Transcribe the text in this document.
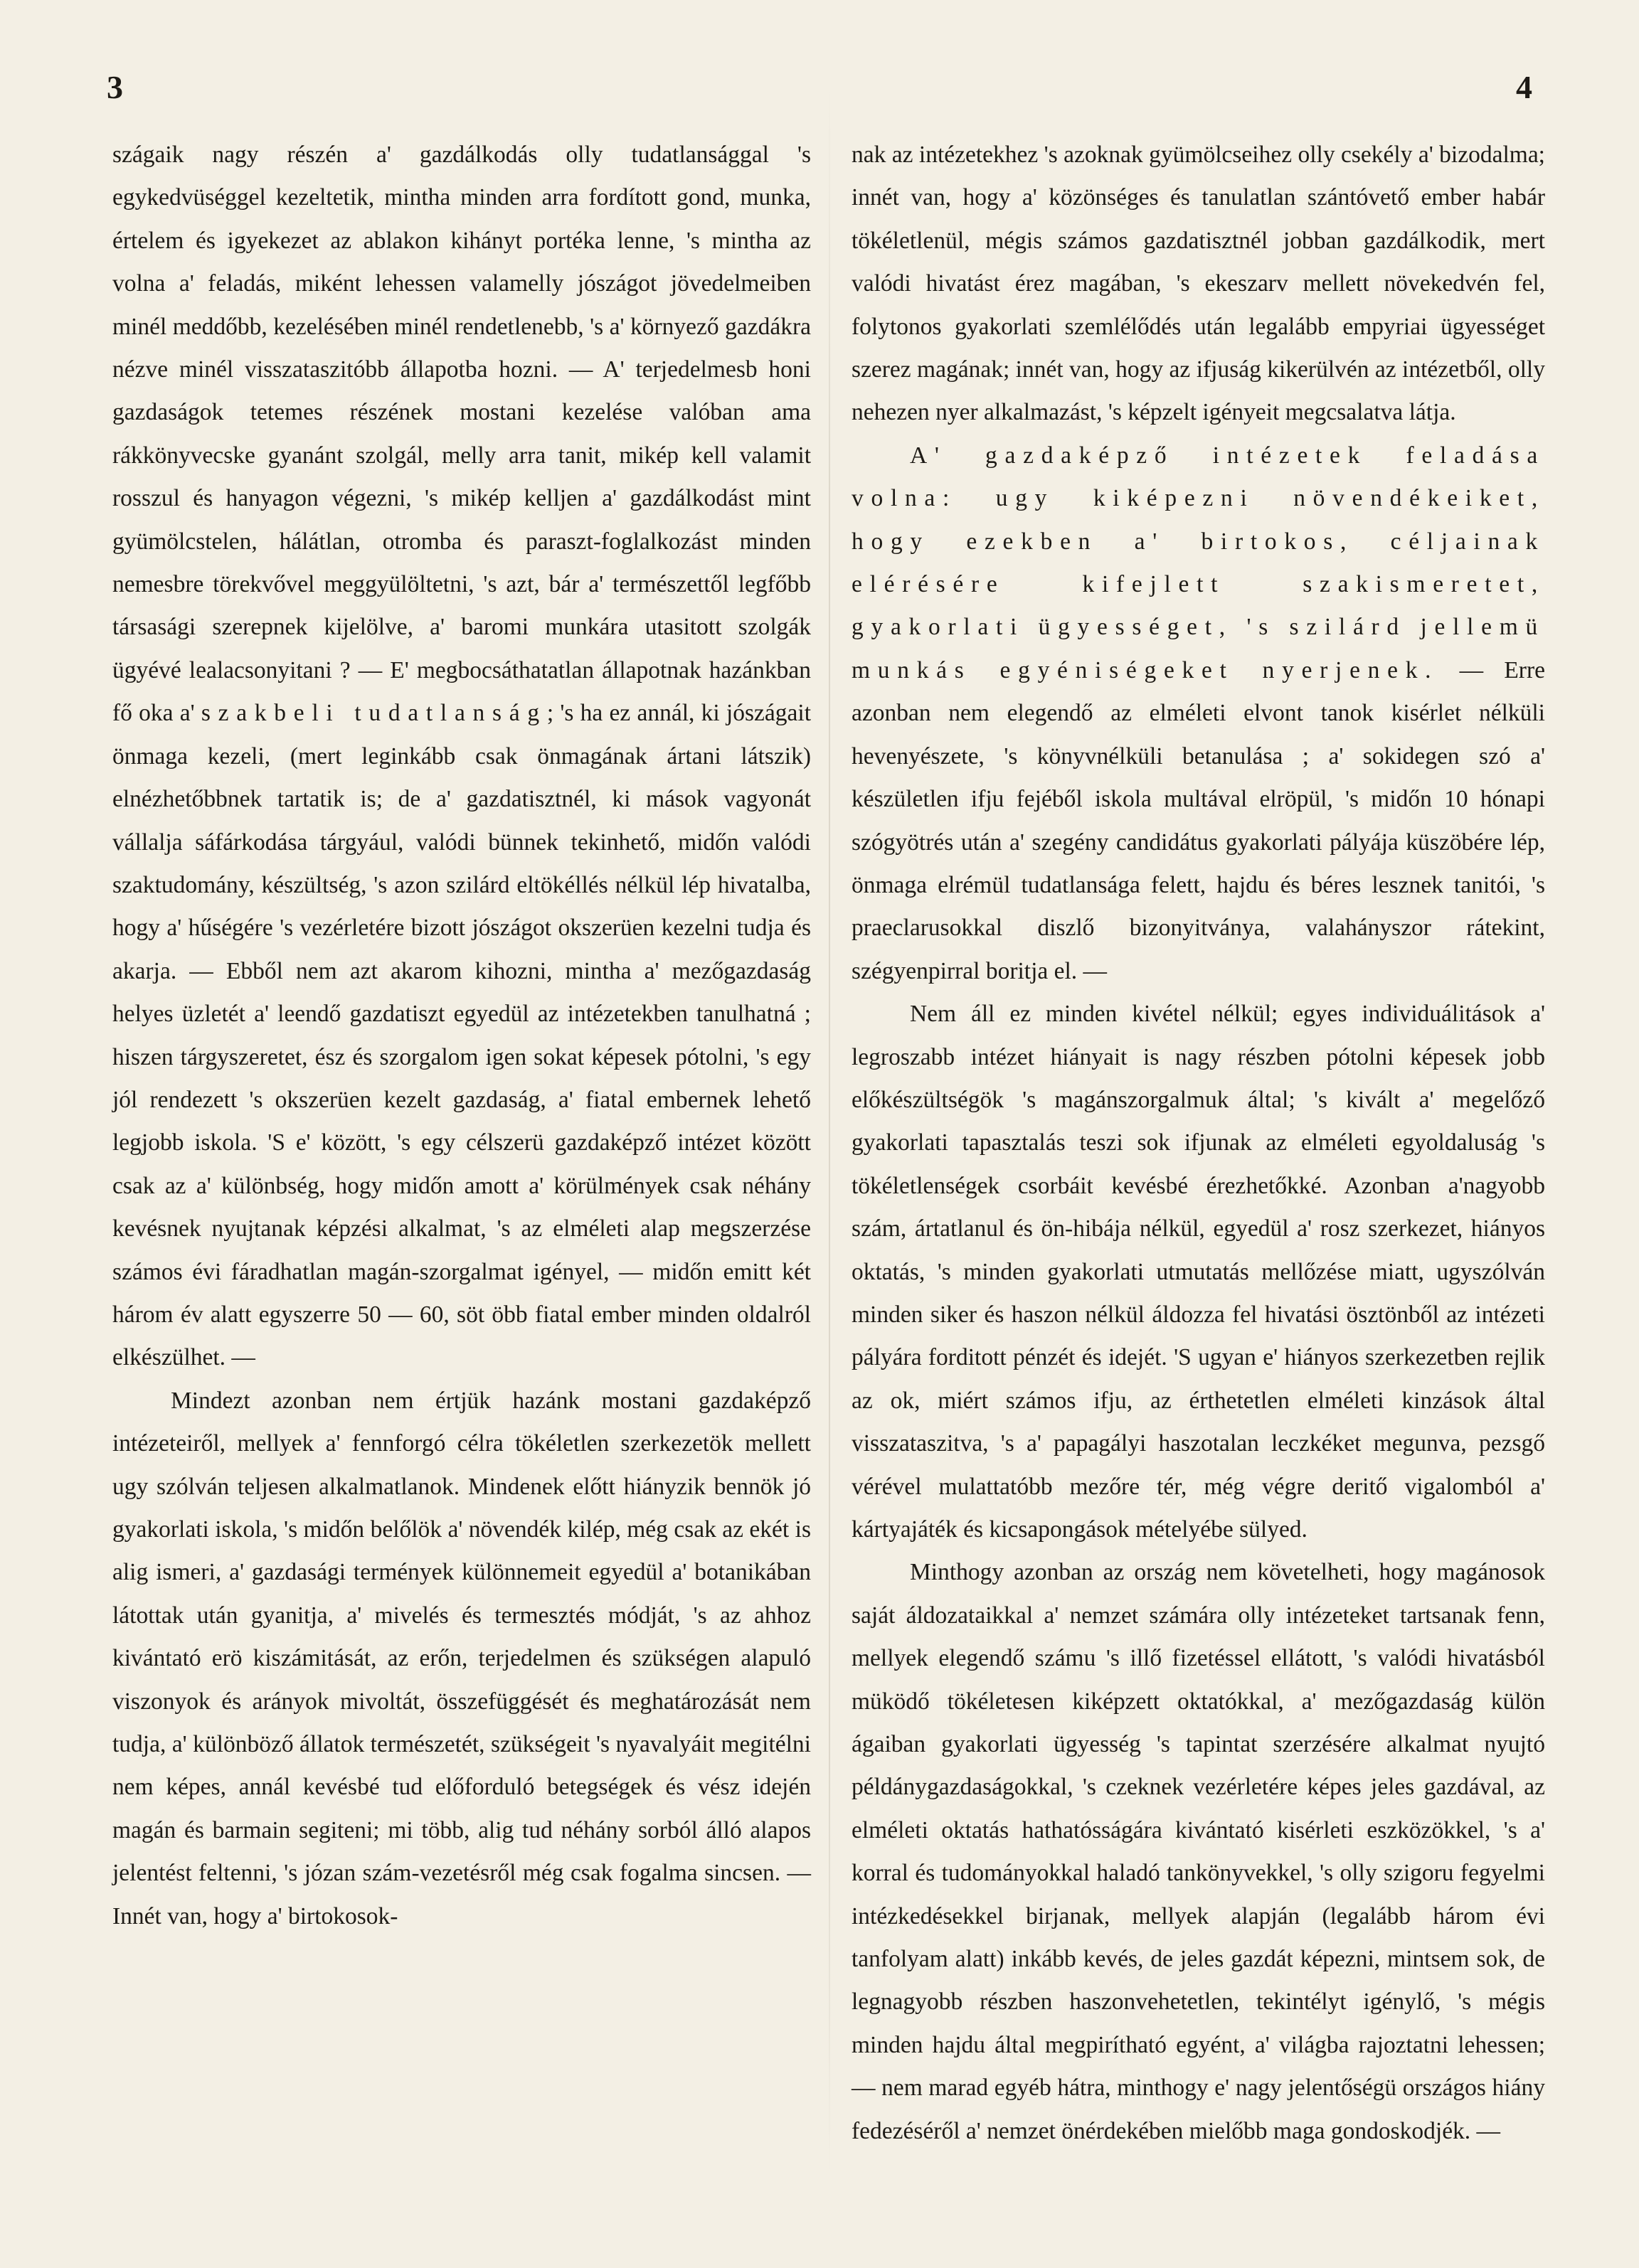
3	4

szágaik nagy részén a' gazdálkodás olly tudatlansággal 's egykedvüséggel kezeltetik, mintha minden arra fordított gond, munka, értelem és igyekezet az ablakon kihányt portéka lenne, 's mintha az volna a' feladás, miként lehessen valamelly jószágot jövedelmeiben minél meddőbb, kezelésében minél rendetlenebb, 's a' környező gazdákra nézve minél visszataszitóbb állapotba hozni. — A' terjedelmesb honi gazdaságok tetemes részének mostani kezelése valóban ama rákkönyvecske gyanánt szolgál, melly arra tanit, mikép kell valamit rosszul és hanyagon végezni, 's mikép kelljen a' gazdálkodást mint gyümölcstelen, hálátlan, otromba és paraszt-foglalkozást minden nemesbre törekvővel meggyülöltetni, 's azt, bár a' természettől legfőbb társasági szerepnek kijelölve, a' baromi munkára utasitott szolgák ügyévé lealacsonyitani ? — E' megbocsáthatatlan állapotnak hazánkban fő oka a' szakbeli tudatlanság; 's ha ez annál, ki jószágait önmaga kezeli, (mert leginkább csak önmagának ártani látszik) elnézhetőbbnek tartatik is; de a' gazdatisztnél, ki mások vagyonát vállalja sáfárkodása tárgyául, valódi bünnek tekinhető, midőn valódi szaktudomány, készültség, 's azon szilárd eltökéllés nélkül lép hivatalba, hogy a' hűségére 's vezérletére bizott jószágot okszerüen kezelni tudja és akarja. — Ebből nem azt akarom kihozni, mintha a' mezőgazdaság helyes üzletét a' leendő gazdatiszt egyedül az intézetekben tanulhatná ; hiszen tárgyszeretet, ész és szorgalom igen sokat képesek pótolni, 's egy jól rendezett 's okszerüen kezelt gazdaság, a' fiatal embernek lehető legjobb iskola. 'S e' között, 's egy célszerü gazdaképző intézet között csak az a' különbség, hogy midőn amott a' körülmények csak néhány kevésnek nyujtanak képzési alkalmat, 's az elméleti alap megszerzése számos évi fáradhatlan magán-szorgalmat igényel, — midőn emitt két három év alatt egyszerre 50 — 60, söt öbb fiatal ember minden oldalról elkészülhet. —

Mindezt azonban nem értjük hazánk mostani gazdaképző intézeteiről, mellyek a' fennforgó célra tökéletlen szerkezetök mellett ugy szólván teljesen alkalmatlanok. Mindenek előtt hiányzik bennök jó gyakorlati iskola, 's midőn belőlök a' növendék kilép, még csak az ekét is alig ismeri, a' gazdasági termények különnemeit egyedül a' botanikában látottak után gyanitja, a' mivelés és termesztés módját, 's az ahhoz kivántató erö kiszámitását, az erőn, terjedelmen és szükségen alapuló viszonyok és arányok mivoltát, összefüggését és meghatározását nem tudja, a' különböző állatok természetét, szükségeit 's nyavalyáit megitélni nem képes, annál kevésbé tud előforduló betegségek és vész idején magán és barmain segiteni; mi több, alig tud néhány sorból álló alapos jelentést feltenni, 's józan szám-vezetésről még csak fogalma sincsen. — Innét van, hogy a' birtokosok-

nak az intézetekhez 's azoknak gyümölcseihez olly csekély a' bizodalma; innét van, hogy a' közönséges és tanulatlan szántóvető ember habár tökéletlenül, mégis számos gazdatisztnél jobban gazdálkodik, mert valódi hivatást érez magában, 's ekeszarv mellett növekedvén fel, folytonos gyakorlati szemlélődés után legalább empyriai ügyességet szerez magának; innét van, hogy az ifjuság kikerülvén az intézetből, olly nehezen nyer alkalmazást, 's képzelt igényeit megcsalatva látja.

A' gazdaképző intézetek feladása volna: ugy kiképezni növendékeiket, hogy ezekben a' birtokos, céljainak elérésére kifejlett szakismeretet, gyakorlati ügyességet, 's szilárd jellemü munkás egyéniségeket nyerjenek. — Erre azonban nem elegendő az elméleti elvont tanok kisérlet nélküli hevenyészete, 's könyvnélküli betanulása ; a' sokidegen szó a' készületlen ifju fejéből iskola multával elröpül, 's midőn 10 hónapi szógyötrés után a' szegény candidátus gyakorlati pályája küszöbére lép, önmaga elrémül tudatlansága felett, hajdu és béres lesznek tanitói, 's praeclarusokkal diszlő bizonyitványa, valahányszor rátekint, szégyenpirral boritja el. —

Nem áll ez minden kivétel nélkül; egyes individuálitások a' legroszabb intézet hiányait is nagy részben pótolni képesek jobb előkészültségök 's magánszorgalmuk által; 's kivált a' megelőző gyakorlati tapasztalás teszi sok ifjunak az elméleti egyoldaluság 's tökéletlenségek csorbáit kevésbé érezhetőkké. Azonban a'nagyobb szám, ártatlanul és ön-hibája nélkül, egyedül a' rosz szerkezet, hiányos oktatás, 's minden gyakorlati utmutatás mellőzése miatt, ugyszólván minden siker és haszon nélkül áldozza fel hivatási ösztönből az intézeti pályára forditott pénzét és idejét. 'S ugyan e' hiányos szerkezetben rejlik az ok, miért számos ifju, az érthetetlen elméleti kinzások által visszataszitva, 's a' papagályi haszotalan leczkéket megunva, pezsgő vérével mulattatóbb mezőre tér, még végre deritő vigalomból a' kártyajáték és kicsapongások mételyébe sülyed.

Minthogy azonban az ország nem követelheti, hogy magánosok saját áldozataikkal a' nemzet számára olly intézeteket tartsanak fenn, mellyek elegendő számu 's illő fizetéssel ellátott, 's valódi hivatásból müködő tökéletesen kiképzett oktatókkal, a' mezőgazdaság külön ágaiban gyakorlati ügyesség 's tapintat szerzésére alkalmat nyujtó példánygazdaságokkal, 's czeknek vezérletére képes jeles gazdával, az elméleti oktatás hathatósságára kivántató kisérleti eszközökkel, 's a' korral és tudományokkal haladó tankönyvekkel, 's olly szigoru fegyelmi intézkedésekkel birjanak, mellyek alapján (legalább három évi tanfolyam alatt) inkább kevés, de jeles gazdát képezni, mintsem sok, de legnagyobb részben haszonvehetetlen, tekintélyt igénylő, 's mégis minden hajdu által megpirítható egyént, a' világba rajoztatni lehessen; — nem marad egyéb hátra, minthogy e' nagy jelentőségü országos hiány fedezéséről a' nemzet önérdekében mielőbb maga gondoskodjék. —
